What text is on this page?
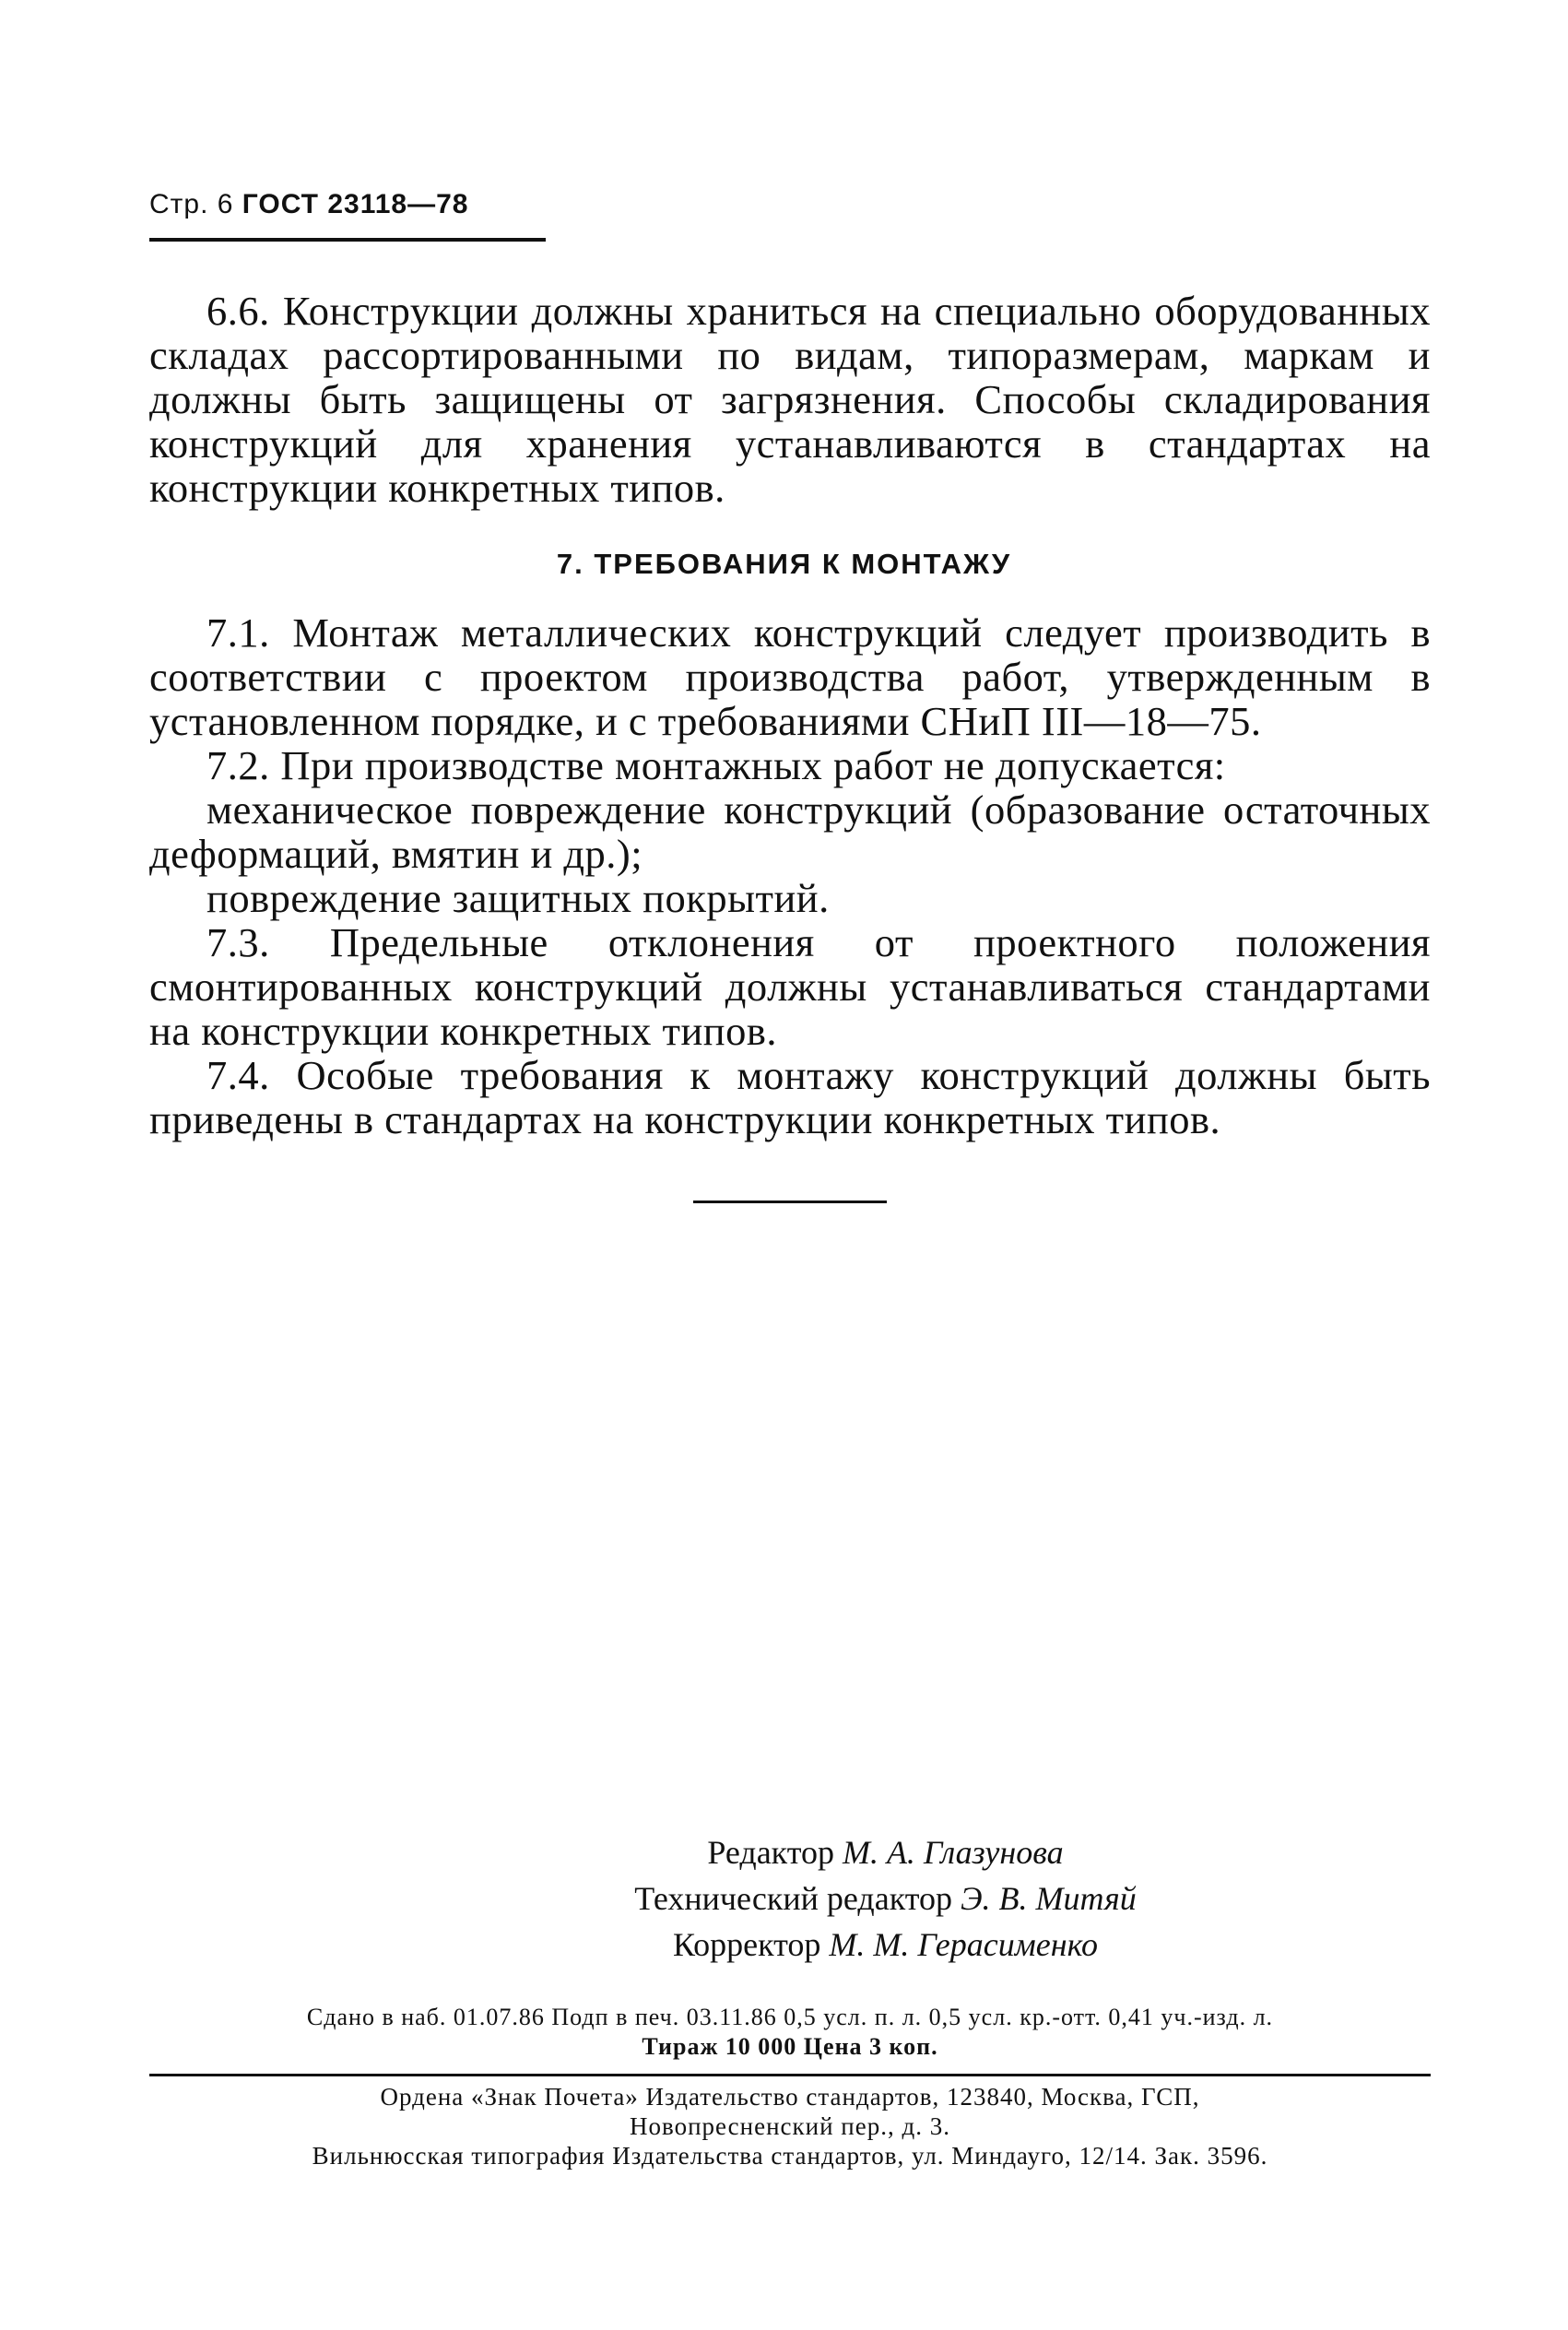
Стр. 6 ГОСТ 23118—78

6.6. Конструкции должны храниться на специально оборудованных складах рассортированными по видам, типоразмерам, маркам и должны быть защищены от загрязнения. Способы складирования конструкций для хранения устанавливаются в стандартах на конструкции конкретных типов.

7. ТРЕБОВАНИЯ К МОНТАЖУ

7.1. Монтаж металлических конструкций следует производить в соответствии с проектом производства работ, утвержденным в установленном порядке, и с требованиями СНиП III—18—75.

7.2. При производстве монтажных работ не допускается:

механическое повреждение конструкций (образование остаточных деформаций, вмятин и др.);

повреждение защитных покрытий.

7.3. Предельные отклонения от проектного положения смонтированных конструкций должны устанавливаться стандартами на конструкции конкретных типов.

7.4. Особые требования к монтажу конструкций должны быть приведены в стандартах на конструкции конкретных типов.

Редактор М. А. Глазунова
Технический редактор Э. В. Митяй
Корректор М. М. Герасименко
Сдано в наб. 01.07.86 Подп в печ. 03.11.86 0,5 усл. п. л. 0,5 усл. кр.-отт. 0,41 уч.-изд. л.
Тираж 10 000 Цена 3 коп.
Ордена «Знак Почета» Издательство стандартов, 123840, Москва, ГСП,
Новопресненский пер., д. 3.
Вильнюсская типография Издательства стандартов, ул. Миндауго, 12/14. Зак. 3596.
